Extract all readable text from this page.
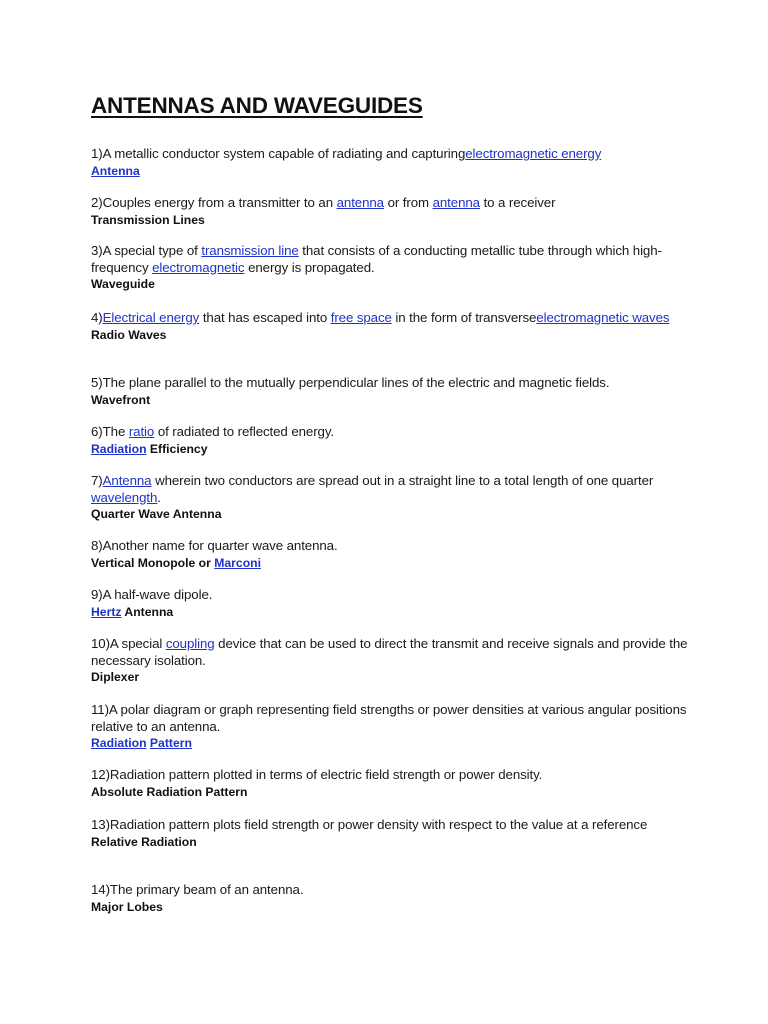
ANTENNAS AND WAVEGUIDES
1)A metallic conductor system capable of radiating and capturingelectromagnetic energy
Antenna
2)Couples energy from a transmitter to an antenna or from antenna to a receiver
Transmission Lines
3)A special type of transmission line that consists of a conducting metallic tube through which high-frequency electromagnetic energy is propagated.
Waveguide
4)Electrical energy that has escaped into free space in the form of transverseelectromagnetic waves
Radio Waves
5)The plane parallel to the mutually perpendicular lines of the electric and magnetic fields.
Wavefront
6)The ratio of radiated to reflected energy.
Radiation Efficiency
7)Antenna wherein two conductors are spread out in a straight line to a total length of one quarter wavelength.
Quarter Wave Antenna
8)Another name for quarter wave antenna.
Vertical Monopole or Marconi
9)A half-wave dipole.
Hertz Antenna
10)A special coupling device that can be used to direct the transmit and receive signals and provide the necessary isolation.
Diplexer
11)A polar diagram or graph representing field strengths or power densities at various angular positions relative to an antenna.
Radiation Pattern
12)Radiation pattern plotted in terms of electric field strength or power density.
Absolute Radiation Pattern
13)Radiation pattern plots field strength or power density with respect to the value at a reference
Relative Radiation
14)The primary beam of an antenna.
Major Lobes
